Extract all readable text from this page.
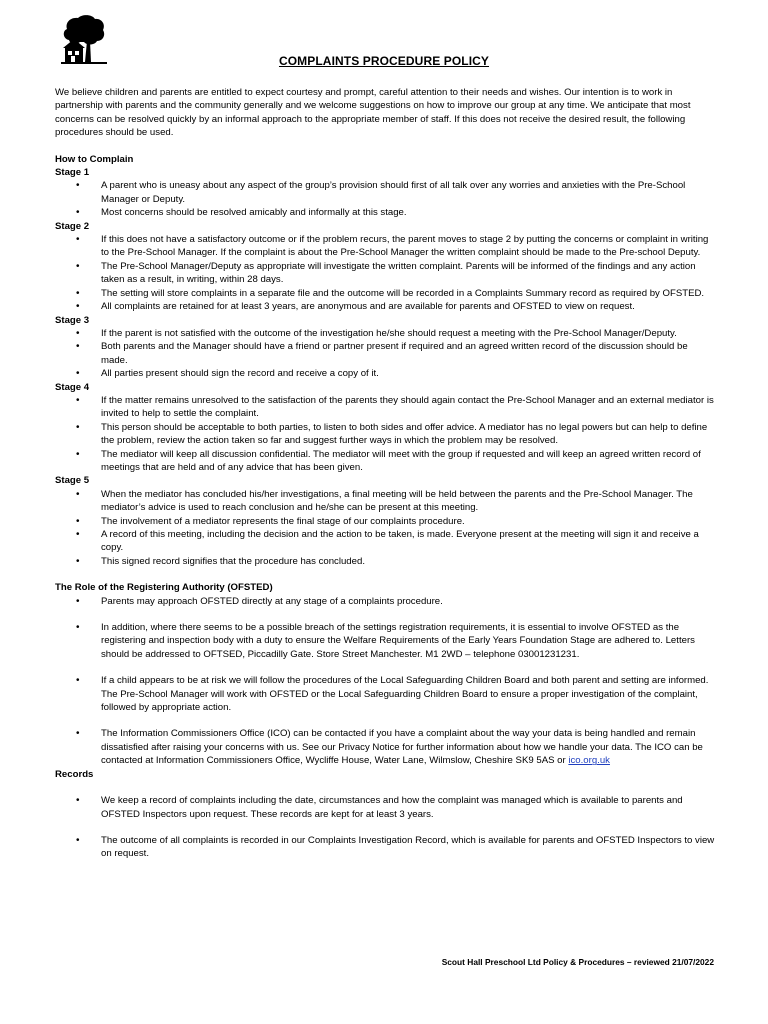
COMPLAINTS PROCEDURE POLICY

We believe children and parents are entitled to expect courtesy and prompt, careful attention to their needs and wishes. Our intention is to work in partnership with parents and the community generally and we welcome suggestions on how to improve our group at any time. We anticipate that most concerns can be resolved quickly by an informal approach to the appropriate member of staff. If this does not receive the desired result, the following procedures should be used.

How to Complain

Stage 1

• A parent who is uneasy about any aspect of the group’s provision should first of all talk over any worries and anxieties with the Pre-School Manager or Deputy.
• Most concerns should be resolved amicably and informally at this stage.

Stage 2

• If this does not have a satisfactory outcome or if the problem recurs, the parent moves to stage 2 by putting the concerns or complaint in writing to the Pre-School Manager. If the complaint is about the Pre-School Manager the written complaint should be made to the Pre-school Deputy.
• The Pre-School Manager/Deputy as appropriate will investigate the written complaint. Parents will be informed of the findings and any action taken as a result, in writing, within 28 days.
• The setting will store complaints in a separate file and the outcome will be recorded in a Complaints Summary record as required by OFSTED.
• All complaints are retained for at least 3 years, are anonymous and are available for parents and OFSTED to view on request.

Stage 3

• If the parent is not satisfied with the outcome of the investigation he/she should request a meeting with the Pre-School Manager/Deputy.
• Both parents and the Manager should have a friend or partner present if required and an agreed written record of the discussion should be made.
• All parties present should sign the record and receive a copy of it.

Stage 4

• If the matter remains unresolved to the satisfaction of the parents they should again contact the Pre-School Manager and an external mediator is invited to help to settle the complaint.
• This person should be acceptable to both parties, to listen to both sides and offer advice. A mediator has no legal powers but can help to define the problem, review the action taken so far and suggest further ways in which the problem may be resolved.
• The mediator will keep all discussion confidential. The mediator will meet with the group if requested and will keep an agreed written record of meetings that are held and of any advice that has been given.

Stage 5

• When the mediator has concluded his/her investigations, a final meeting will be held between the parents and the Pre-School Manager. The mediator’s advice is used to reach conclusion and he/she can be present at this meeting.
• The involvement of a mediator represents the final stage of our complaints procedure.
• A record of this meeting, including the decision and the action to be taken, is made. Everyone present at the meeting will sign it and receive a copy.
• This signed record signifies that the procedure has concluded.

The Role of the Registering Authority (OFSTED)

• Parents may approach OFSTED directly at any stage of a complaints procedure.
• In addition, where there seems to be a possible breach of the settings registration requirements, it is essential to involve OFSTED as the registering and inspection body with a duty to ensure the Welfare Requirements of the Early Years Foundation Stage are adhered to. Letters should be addressed to OFTSED, Piccadilly Gate. Store Street Manchester. M1 2WD – telephone 03001231231.
• If a child appears to be at risk we will follow the procedures of the Local Safeguarding Children Board and both parent and setting are informed. The Pre-School Manager will work with OFSTED or the Local Safeguarding Children Board to ensure a proper investigation of the complaint, followed by appropriate action.
• The Information Commissioners Office (ICO) can be contacted if you have a complaint about the way your data is being handled and remain dissatisfied after raising your concerns with us. See our Privacy Notice for further information about how we handle your data. The ICO can be contacted at Information Commissioners Office, Wycliffe House, Water Lane, Wilmslow, Cheshire SK9 5AS or ico.org.uk

Records

• We keep a record of complaints including the date, circumstances and how the complaint was managed which is available to parents and OFSTED Inspectors upon request. These records are kept for at least 3 years.
• The outcome of all complaints is recorded in our Complaints Investigation Record, which is available for parents and OFSTED Inspectors to view on request.
Scout Hall Preschool Ltd Policy & Procedures – reviewed 21/07/2022
